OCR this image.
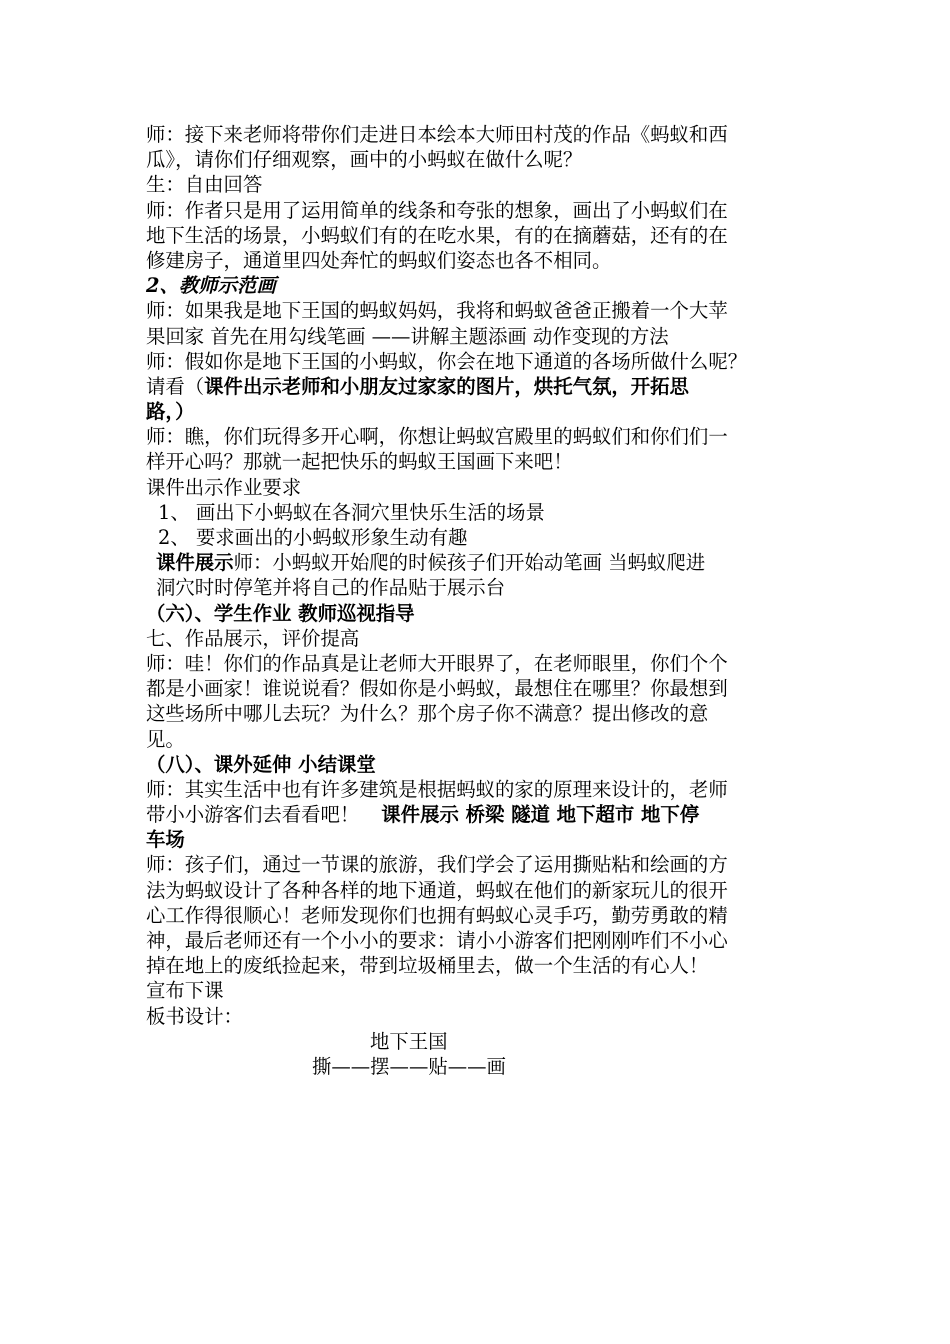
师：接下来老师将带你们走进日本绘本大师田村茂的作品《蚂蚁和西
瓜》，请你们仔细观察，画中的小蚂蚁在做什么呢？
生：自由回答
师：作者只是用了运用简单的线条和夸张的想象，画出了小蚂蚁们在
地下生活的场景，小蚂蚁们有的在吃水果，有的在摘蘑菇，还有的在
修建房子，通道里四处奔忙的蚂蚁们姿态也各不相同。
2、教师示范画
师：如果我是地下王国的蚂蚁妈妈，我将和蚂蚁爸爸正搬着一个大苹
果回家 首先在用勾线笔画 ——讲解主题添画 动作变现的方法
师：假如你是地下王国的小蚂蚁，你会在地下通道的各场所做什么呢？
请看（课件出示老师和小朋友过家家的图片，烘托气氛，开拓思
路，）
师：瞧，你们玩得多开心啊，你想让蚂蚁宫殿里的蚂蚁们和你们们一
样开心吗？那就一起把快乐的蚂蚁王国画下来吧！
课件出示作业要求
1、 画出下小蚂蚁在各洞穴里快乐生活的场景
2、 要求画出的小蚂蚁形象生动有趣
课件展示师：小蚂蚁开始爬的时候孩子们开始动笔画 当蚂蚁爬进
洞穴时时停笔并将自己的作品贴于展示台
（六）、学生作业 教师巡视指导
七、作品展示，评价提高
师：哇！你们的作品真是让老师大开眼界了，在老师眼里，你们个个
都是小画家！谁说说看？假如你是小蚂蚁，最想住在哪里？你最想到
这些场所中哪儿去玩？为什么？那个房子你不满意？提出修改的意
见。
（八）、课外延伸 小结课堂
师：其实生活中也有许多建筑是根据蚂蚁的家的原理来设计的，老师
带小小游客们去看看吧！ 课件展示 桥梁 隧道 地下超市 地下停
车场
师：孩子们，通过一节课的旅游，我们学会了运用撕贴粘和绘画的方
法为蚂蚁设计了各种各样的地下通道，蚂蚁在他们的新家玩儿的很开
心工作得很顺心！老师发现你们也拥有蚂蚁心灵手巧，勤劳勇敢的精
神，最后老师还有一个小小的要求：请小小游客们把刚刚咋们不小心
掉在地上的废纸捡起来，带到垃圾桶里去，做一个生活的有心人！
宣布下课
板书设计：
地下王国
撕——摆——贴——画
